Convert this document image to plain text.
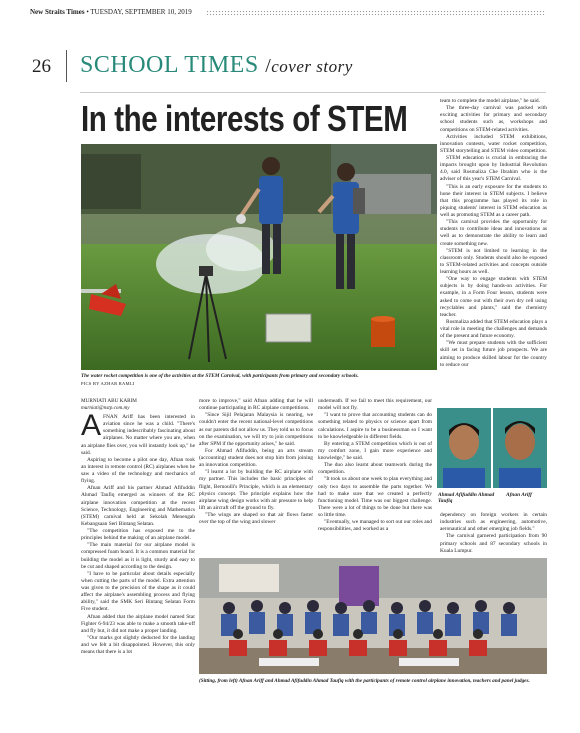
New Straits Times • TUESDAY, SEPTEMBER 10, 2019
26 SCHOOL TIMES /cover story
In the interests of STEM
The water rocket competition is one of the activities at the STEM Carnival, with participants from primary and secondary schools.
PICS BY AZHAR RAMLI
MURNIATI ABU KARIM
murniati@nstp.com.my

AFNAN Ariff has been interested in aviation since he was a child. "There's something indescribably fascinating about airplanes. No matter where you are, when an airplane flies over, you will instantly look up," he said.

Aspiring to become a pilot one day, Afnan took an interest in remote control (RC) airplanes when he saw a video of the technology and mechanics of flying.

Afnan Ariff and his partner Ahmad Afifuddin Ahmad Taufiq emerged as winners of the RC airplane innovation competition at the recent Science, Technology, Engineering and Mathematics (STEM) carnival held at Sekolah Menengah Kebangsaan Seri Bintang Selatan.

"The competition has exposed me to the principles behind the making of an airplane model.

"The main material for our airplane model is compressed foam board. It is a common material for building the model as it is light, sturdy and easy to be cut and shaped according to the design.

"I have to be particular about details especially when cutting the parts of the model. Extra attention was given to the precision of the shape as it could affect the airplane's assembling process and flying ability," said the SMK Seri Bintang Selatan Form Five student.

Afnan added that the airplane model named Star Fighter 6-94/23 was able to make a smooth take-off and fly but, it did not make a proper landing.

"Our marks got slightly deducted for the landing and we felt a bit disappointed. However, this only means that there is a lot

more to improve," said Afnan adding that he will continue participating in RC airplane competitions.

"Since Sijil Pelajaran Malaysia is nearing, we couldn't enter the recent national-level competitions as our parents did not allow us. They told us to focus on the examination, we will try to join competitions after SPM if the opportunity arises," he said.

For Ahmad Afifuddin, being an arts stream (accounting) student does not stop him from joining an innovation competition.

"I learnt a lot by building the RC airplane with my partner. This includes the basic principles of flight, Bernoulli's Principle, which is an elementary physics concept. The principle explains how the airplane wing design works with air pressure to help lift an aircraft off the ground to fly.

"The wings are shaped so that air flows faster over the top of the wing and slower

underneath. If we fail to meet this requirement, our model will not fly.

"I want to prove that accounting students can do something related to physics or science apart from calculations. I aspire to be a businessman so I want to be knowledgeable in different fields.

By entering a STEM competition which is out of my comfort zone, I gain more experience and knowledge," he said.

The duo also learnt about teamwork during the competition.

"It took us about one week to plan everything and only two days to assemble the parts together. We had to make sure that we created a perfectly functioning model. Time was our biggest challenge. There were a lot of things to be done but there was so little time.

"Eventually, we managed to sort out our roles and responsibilities, and worked as a

team to complete the model airplane," he said.

The three-day carnival was packed with exciting activities for primary and secondary school students such as, workshops and competitions on STEM-related activities.

Activities included STEM exhibitions, innovation contests, water rocket competition, STEM storytelling and STEM video competition.

STEM education is crucial in embracing the impacts brought upon by Industrial Revolution 4.0, said Rosmaliza Che Ibrahim who is the adviser of this year's STEM Carnival.

"This is an early exposure for the students to hone their interest in STEM subjects. I believe that this programme has played its role in piquing students' interest in STEM education as well as promoting STEM as a career path.

"This carnival provides the opportunity for students to contribute ideas and innovations as well as to demonstrate the ability to learn and create something new.

"STEM is not limited to learning in the classroom only. Students should also be exposed to STEM-related activities and concepts outside learning hours as well.

"One way to engage students with STEM subjects is by doing hands-on activities. For example, in a Form Four lesson, students were asked to come out with their own dry cell using recyclables and plants," said the chemistry teacher.

Rosmaliza added that STEM education plays a vital role in meeting the challenges and demands of the present and future economy.

"We must prepare students with the sufficient skill set in facing future job prospects. We are aiming to produce skilled labour for the country to reduce our

Ahmad Afifuddin Ahmad Taufiq
Afnan Ariff

dependency on foreign workers in certain industries such as engineering, automotive, aeronautical and other emerging job fields."

The carnival garnered participation from 90 primary schools and 87 secondary schools in Kuala Lumpur.

(Sitting, from left) Afnan Ariff and Ahmad Afifuddin Ahmad Taufiq with the participants of remote control airplane innovation, teachers and panel judges.
